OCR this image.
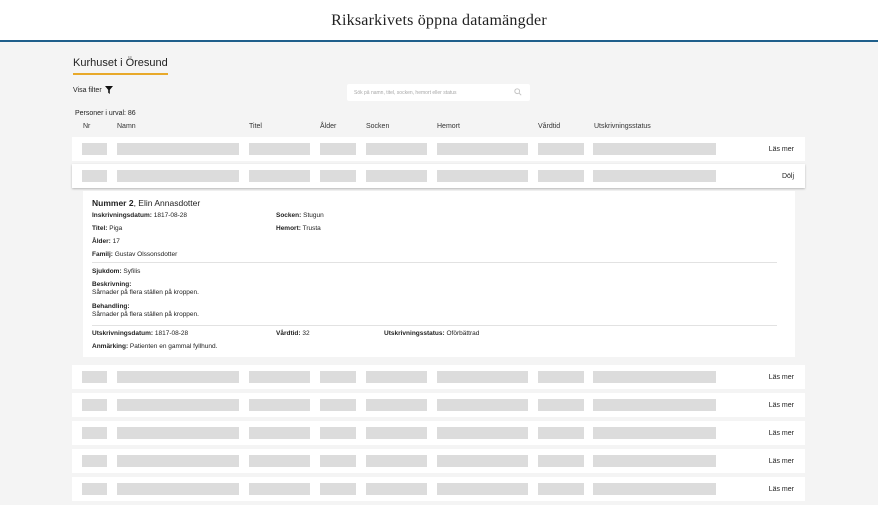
Riksarkivets öppna datamängder
Kurhuset i Öresund
Visa filter
Sök på namn, titel, socken, hemort eller status
Personer i urval: 86
Nr	Namn	Titel	Ålder	Socken	Hemort	Vårdtid	Utskrivningsstatus
Läs mer
Dölj
Läs mer
Läs mer
Läs mer
Läs mer
Läs mer
Nummer 2, Elin Annasdotter
Inskrivningsdatum: 1817-08-28
Titel: Piga
Ålder: 17
Familj: Gustav Olssonsdotter
Socken: Stugun
Hemort: Trusta
Sjukdom: Syfilis
Beskrivning:
Sårnader på flera ställen på kroppen.
Behandling:
Sårnader på flera ställen på kroppen.
Utskrivningsdatum: 1817-08-28	Vårdtid: 32	Utskrivningsstatus: Oförbättrad
Anmärking: Patienten en gammal fyllhund.
